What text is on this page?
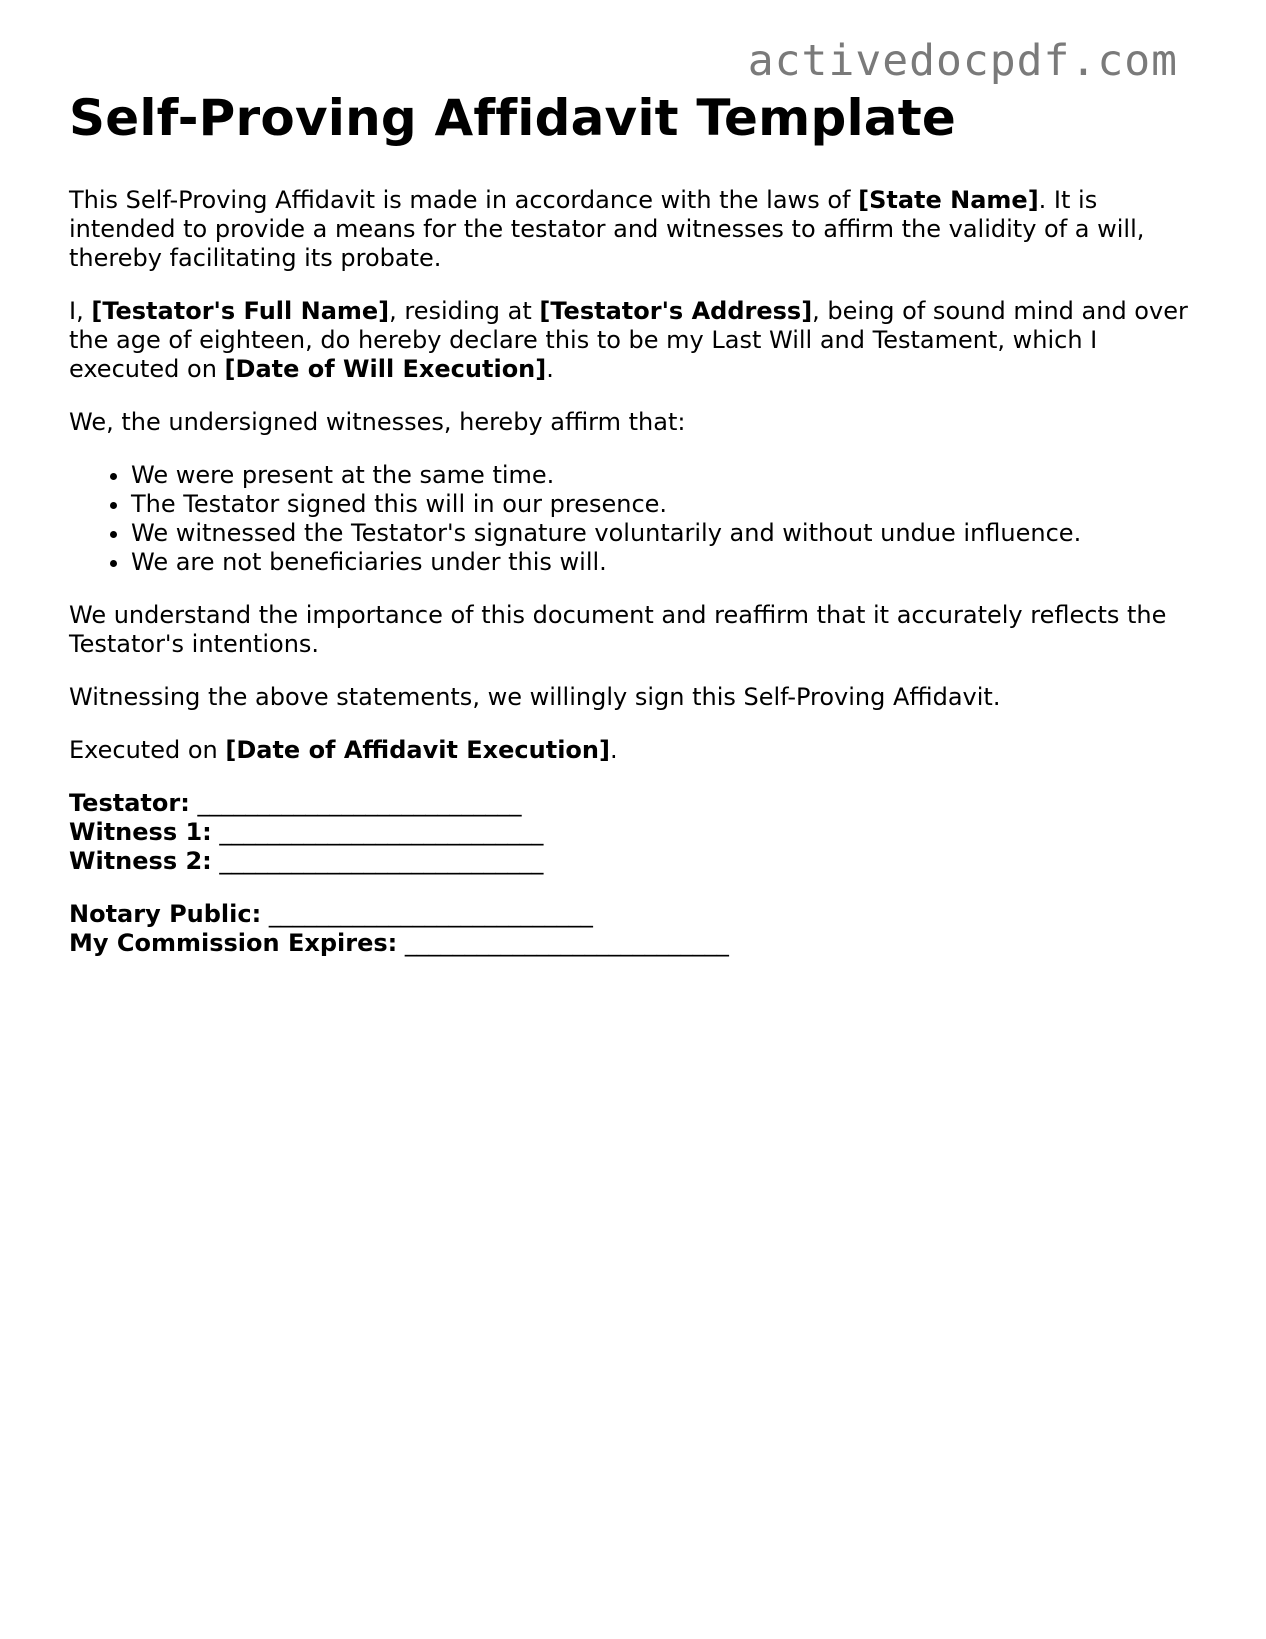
activedocpdf.com
Self-Proving Affidavit Template

This Self-Proving Affidavit is made in accordance with the laws of [State Name]. It is intended to provide a means for the testator and witnesses to affirm the validity of a will, thereby facilitating its probate.

I, [Testator's Full Name], residing at [Testator's Address], being of sound mind and over the age of eighteen, do hereby declare this to be my Last Will and Testament, which I executed on [Date of Will Execution].

We, the undersigned witnesses, hereby affirm that:

• We were present at the same time.
• The Testator signed this will in our presence.
• We witnessed the Testator's signature voluntarily and without undue influence.
• We are not beneficiaries under this will.

We understand the importance of this document and reaffirm that it accurately reflects the Testator's intentions.

Witnessing the above statements, we willingly sign this Self-Proving Affidavit.

Executed on [Date of Affidavit Execution].

Testator: ___________________________
Witness 1: ___________________________
Witness 2: ___________________________
Notary Public: ___________________________
My Commission Expires: ___________________________
